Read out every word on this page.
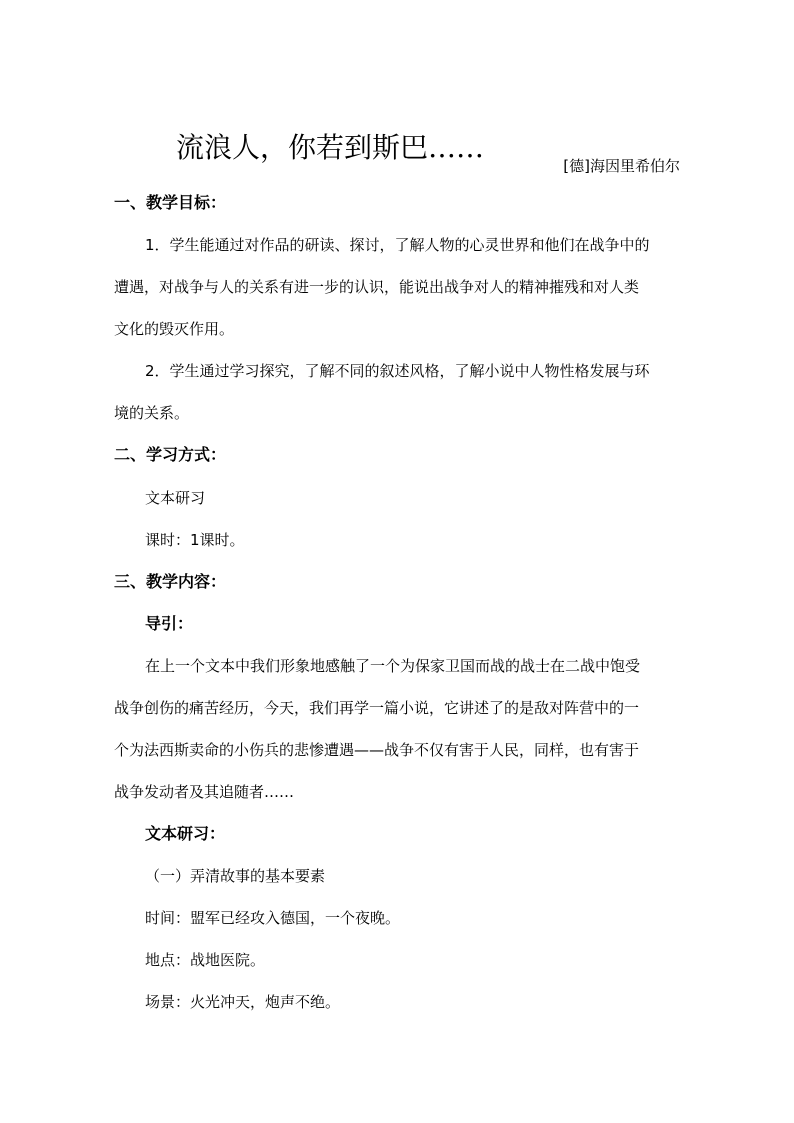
流浪人，你若到斯巴……
[德]海因里希伯尔
一、教学目标：
1．学生能通过对作品的研读、探讨，了解人物的心灵世界和他们在战争中的
遭遇，对战争与人的关系有进一步的认识，能说出战争对人的精神摧残和对人类
文化的毁灭作用。
2．学生通过学习探究，了解不同的叙述风格，了解小说中人物性格发展与环
境的关系。
二、学习方式：
文本研习
课时：1课时。
三、教学内容：
导引：
在上一个文本中我们形象地感触了一个为保家卫国而战的战士在二战中饱受
战争创伤的痛苦经历，今天，我们再学一篇小说，它讲述了的是敌对阵营中的一
个为法西斯卖命的小伤兵的悲惨遭遇——战争不仅有害于人民，同样，也有害于
战争发动者及其追随者……
文本研习：
（一）弄清故事的基本要素
时间：盟军已经攻入德国，一个夜晚。
地点：战地医院。
场景：火光冲天，炮声不绝。
